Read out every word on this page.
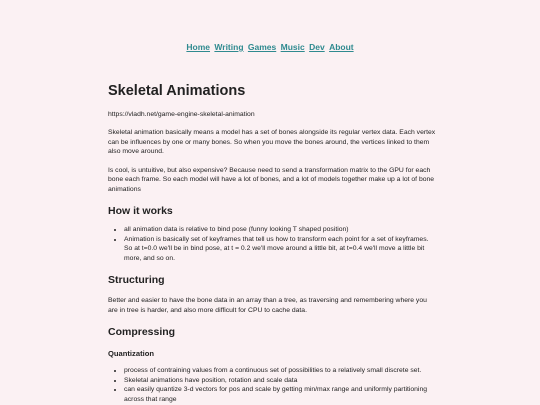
Home Writing Games Music Dev About
Skeletal Animations
https://vladh.net/game-engine-skeletal-animation

Skeletal animation basically means a model has a set of bones alongside its regular vertex data. Each vertex can be influences by one or many bones. So when you move the bones around, the vertices linked to them also move around.

Is cool, is untuitive, but also expensive? Because need to send a transformation matrix to the GPU for each bone each frame. So each model will have a lot of bones, and a lot of models together make up a lot of bone animations

How it works
• all animation data is relative to bind pose (funny looking T shaped position)
• Animation is basically set of keyframes that tell us how to transform each point for a set of keyframes. So at t=0.0 we'll be in bind pose, at t = 0.2 we'll move around a little bit, at t=0.4 we'll move a little bit more, and so on.
Structuring

Better and easier to have the bone data in an array than a tree, as traversing and remembering where you are in tree is harder, and also more difficult for CPU to cache data.

Compressing
Quantization
• process of contraining values from a continuous set of possibilities to a relatively small discrete set.
• Skeletal animations have position, rotation and scale data
• can easily quantize 3-d vectors for pos and scale by getting min/max range and uniformly partitioning across that range
